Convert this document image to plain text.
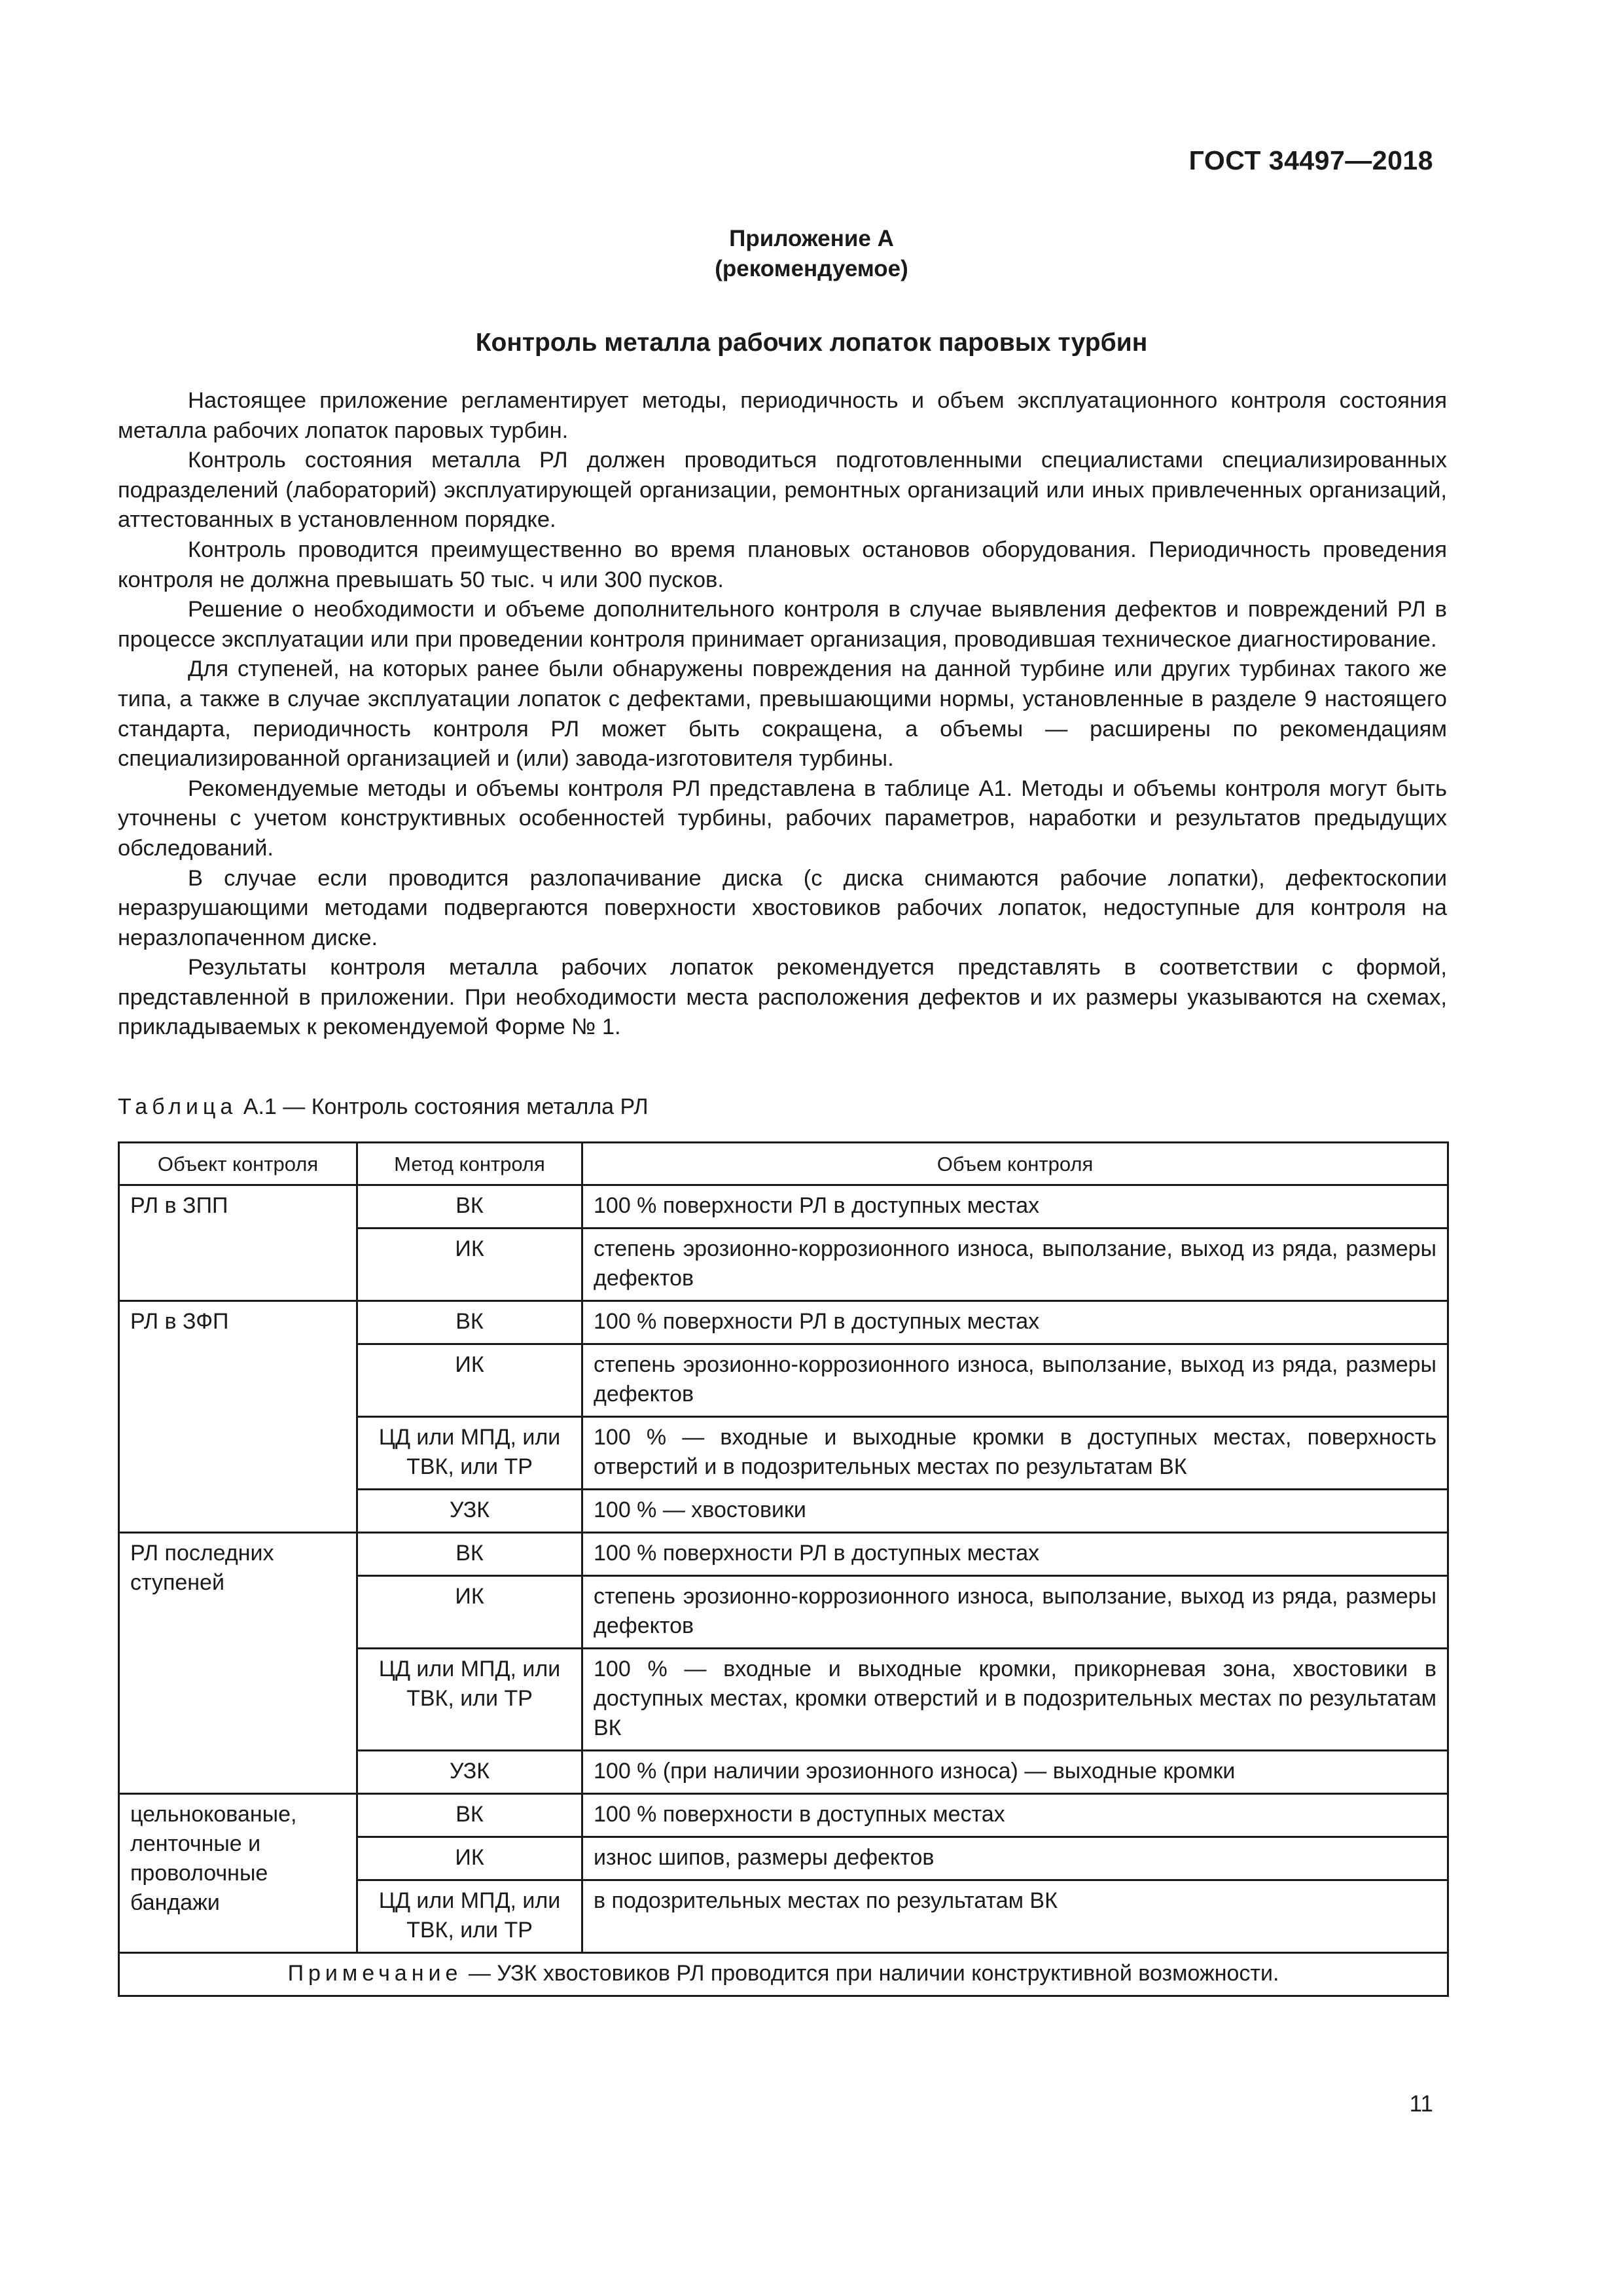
ГОСТ 34497—2018
Приложение А
(рекомендуемое)
Контроль металла рабочих лопаток паровых турбин

Настоящее приложение регламентирует методы, периодичность и объем эксплуатационного контроля состояния металла рабочих лопаток паровых турбин.

Контроль состояния металла РЛ должен проводиться подготовленными специалистами специализированных подразделений (лабораторий) эксплуатирующей организации, ремонтных организаций или иных привлеченных организаций, аттестованных в установленном порядке.

Контроль проводится преимущественно во время плановых остановов оборудования. Периодичность проведения контроля не должна превышать 50 тыс. ч или 300 пусков.

Решение о необходимости и объеме дополнительного контроля в случае выявления дефектов и повреждений РЛ в процессе эксплуатации или при проведении контроля принимает организация, проводившая техническое диагностирование.

Для ступеней, на которых ранее были обнаружены повреждения на данной турбине или других турбинах такого же типа, а также в случае эксплуатации лопаток с дефектами, превышающими нормы, установленные в разделе 9 настоящего стандарта, периодичность контроля РЛ может быть сокращена, а объемы — расширены по рекомендациям специализированной организацией и (или) завода-изготовителя турбины.

Рекомендуемые методы и объемы контроля РЛ представлена в таблице А1. Методы и объемы контроля могут быть уточнены с учетом конструктивных особенностей турбины, рабочих параметров, наработки и результатов предыдущих обследований.

В случае если проводится разлопачивание диска (с диска снимаются рабочие лопатки), дефектоскопии неразрушающими методами подвергаются поверхности хвостовиков рабочих лопаток, недоступные для контроля на неразлопаченном диске.

Результаты контроля металла рабочих лопаток рекомендуется представлять в соответствии с формой, представленной в приложении. При необходимости места расположения дефектов и их размеры указываются на схемах, прикладываемых к рекомендуемой Форме № 1.

Таблица А.1 — Контроль состояния металла РЛ
Объект контроля	Метод контроля	Объем контроля
РЛ в ЗПП	ВК	100 % поверхности РЛ в доступных местах
	ИК	степень эрозионно-коррозионного износа, выползание, выход из ряда, размеры дефектов
РЛ в ЗФП	ВК	100 % поверхности РЛ в доступных местах
	ИК	степень эрозионно-коррозионного износа, выползание, выход из ряда, размеры дефектов
	ЦД или МПД, или ТВК, или ТР	100 % — входные и выходные кромки в доступных местах, поверхность отверстий и в подозрительных местах по результатам ВК
	УЗК	100 % — хвостовики
РЛ последних ступеней	ВК	100 % поверхности РЛ в доступных местах
	ИК	степень эрозионно-коррозионного износа, выползание, выход из ряда, размеры дефектов
	ЦД или МПД, или ТВК, или ТР	100 % — входные и выходные кромки, прикорневая зона, хвостовики в доступных местах, кромки отверстий и в подозрительных местах по результатам ВК
	УЗК	100 % (при наличии эрозионного износа) — выходные кромки
цельнокованые, ленточные и проволочные бандажи	ВК	100 % поверхности в доступных местах
	ИК	износ шипов, размеры дефектов
	ЦД или МПД, или ТВК, или ТР	в подозрительных местах по результатам ВК
Примечание — УЗК хвостовиков РЛ проводится при наличии конструктивной возможности.		
11
